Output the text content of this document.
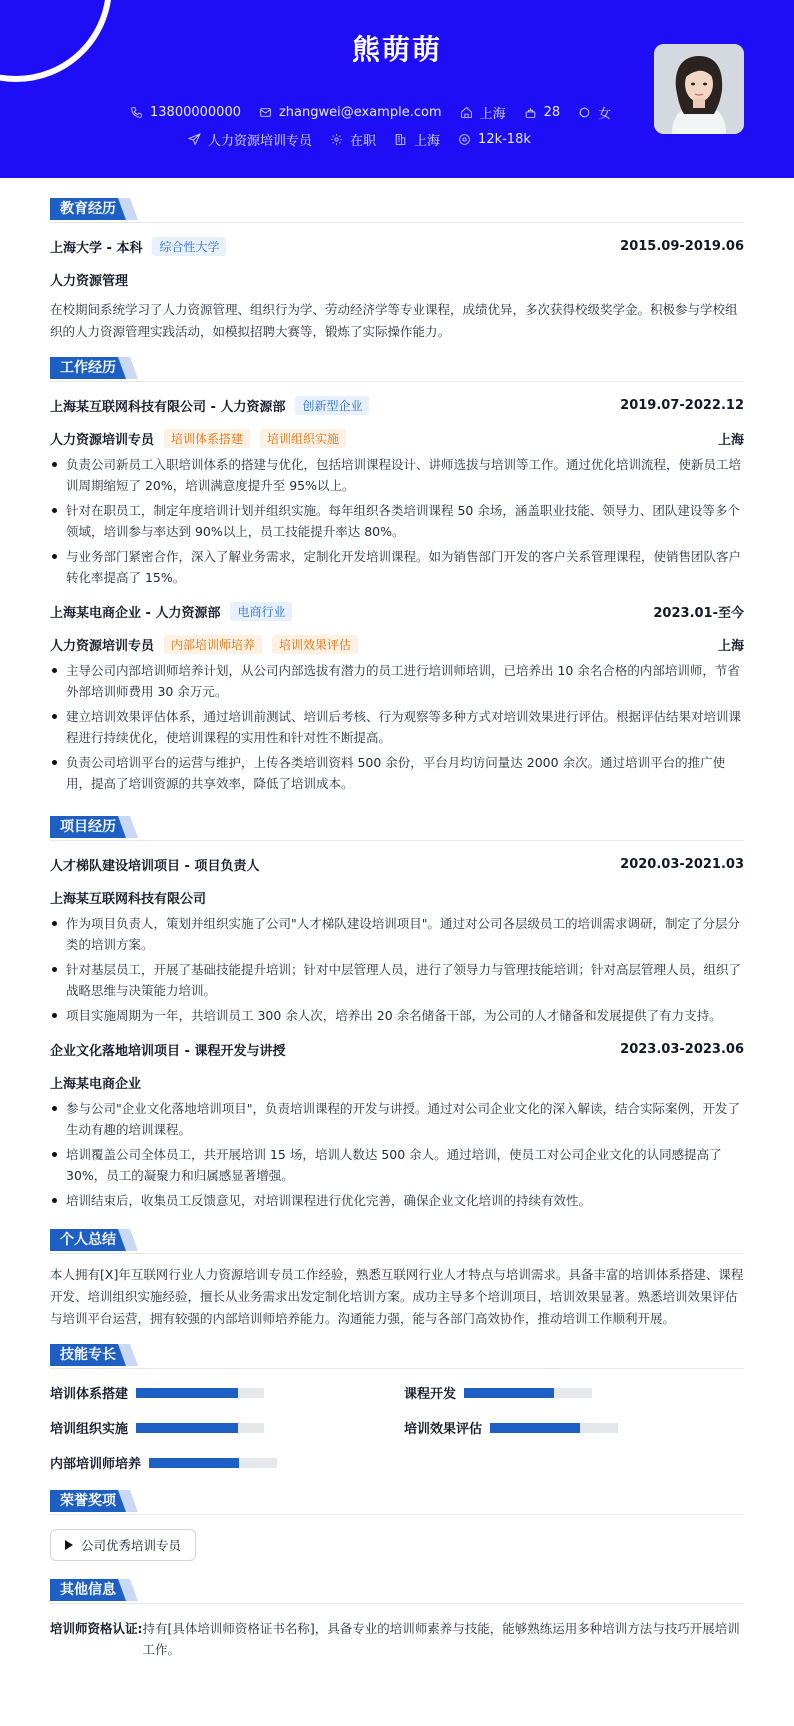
熊萌萌
13800000000	zhangwei@example.com	上海	28	女
人力资源培训专员	在职	上海	12k-18k
教育经历
上海大学 - 本科	综合性大学	2015.09-2019.06
人力资源管理
在校期间系统学习了人力资源管理、组织行为学、劳动经济学等专业课程，成绩优异，多次获得校级奖学金。积极参与学校组织的人力资源管理实践活动，如模拟招聘大赛等，锻炼了实际操作能力。
工作经历
上海某互联网科技有限公司 - 人力资源部	创新型企业	2019.07-2022.12
人力资源培训专员	培训体系搭建	培训组织实施	上海
负责公司新员工入职培训体系的搭建与优化，包括培训课程设计、讲师选拔与培训等工作。通过优化培训流程，使新员工培训周期缩短了 20%，培训满意度提升至 95%以上。
针对在职员工，制定年度培训计划并组织实施。每年组织各类培训课程 50 余场，涵盖职业技能、领导力、团队建设等多个领域，培训参与率达到 90%以上，员工技能提升率达 80%。
与业务部门紧密合作，深入了解业务需求，定制化开发培训课程。如为销售部门开发的客户关系管理课程，使销售团队客户转化率提高了 15%。
上海某电商企业 - 人力资源部	电商行业	2023.01-至今
人力资源培训专员	内部培训师培养	培训效果评估	上海
主导公司内部培训师培养计划，从公司内部选拔有潜力的员工进行培训师培训，已培养出 10 余名合格的内部培训师，节省外部培训师费用 30 余万元。
建立培训效果评估体系，通过培训前测试、培训后考核、行为观察等多种方式对培训效果进行评估。根据评估结果对培训课程进行持续优化，使培训课程的实用性和针对性不断提高。
负责公司培训平台的运营与维护，上传各类培训资料 500 余份，平台月均访问量达 2000 余次。通过培训平台的推广使用，提高了培训资源的共享效率，降低了培训成本。
项目经历
人才梯队建设培训项目 - 项目负责人	2020.03-2021.03
上海某互联网科技有限公司
作为项目负责人，策划并组织实施了公司"人才梯队建设培训项目"。通过对公司各层级员工的培训需求调研，制定了分层分类的培训方案。
针对基层员工，开展了基础技能提升培训；针对中层管理人员，进行了领导力与管理技能培训；针对高层管理人员，组织了战略思维与决策能力培训。
项目实施周期为一年，共培训员工 300 余人次，培养出 20 余名储备干部，为公司的人才储备和发展提供了有力支持。
企业文化落地培训项目 - 课程开发与讲授	2023.03-2023.06
上海某电商企业
参与公司"企业文化落地培训项目"，负责培训课程的开发与讲授。通过对公司企业文化的深入解读，结合实际案例，开发了生动有趣的培训课程。
培训覆盖公司全体员工，共开展培训 15 场，培训人数达 500 余人。通过培训，使员工对公司企业文化的认同感提高了 30%，员工的凝聚力和归属感显著增强。
培训结束后，收集员工反馈意见，对培训课程进行优化完善，确保企业文化培训的持续有效性。
个人总结
本人拥有[X]年互联网行业人力资源培训专员工作经验，熟悉互联网行业人才特点与培训需求。具备丰富的培训体系搭建、课程开发、培训组织实施经验，擅长从业务需求出发定制化培训方案。成功主导多个培训项目，培训效果显著。熟悉培训效果评估与培训平台运营，拥有较强的内部培训师培养能力。沟通能力强，能与各部门高效协作，推动培训工作顺利开展。
技能专长
培训体系搭建	课程开发
培训组织实施	培训效果评估
内部培训师培养
荣誉奖项
公司优秀培训专员
其他信息
培训师资格认证: 持有[具体培训师资格证书名称]，具备专业的培训师素养与技能，能够熟练运用多种培训方法与技巧开展培训工作。
